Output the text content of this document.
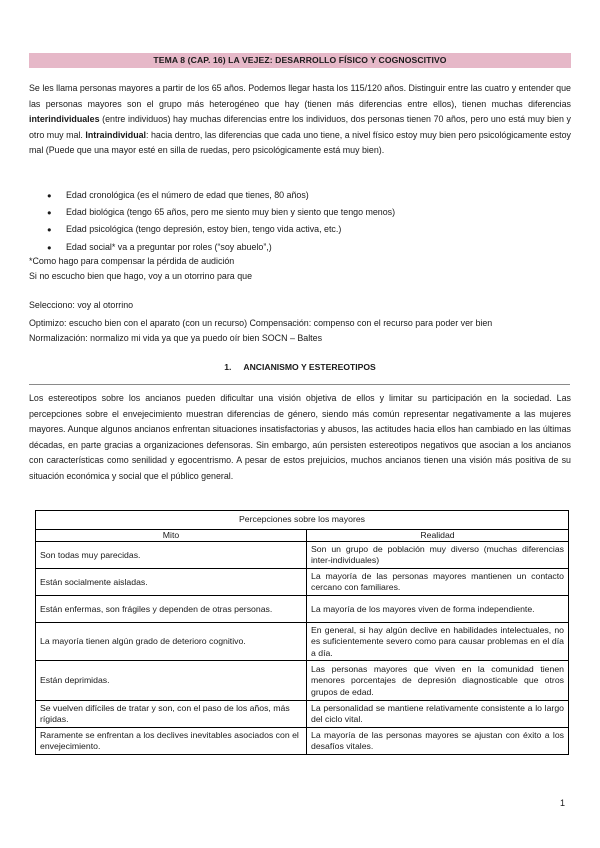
TEMA 8 (CAP. 16) LA VEJEZ: DESARROLLO FÍSICO Y COGNOSCITIVO
Se les llama personas mayores a partir de los 65 años. Podemos llegar hasta los 115/120 años. Distinguir entre las cuatro y entender que las personas mayores son el grupo más heterogéneo que hay (tienen más diferencias entre ellos), tienen muchas diferencias interindividuales (entre individuos) hay muchas diferencias entre los individuos, dos personas tienen 70 años, pero uno está muy bien y otro muy mal. Intraindividual: hacia dentro, las diferencias que cada uno tiene, a nivel físico estoy muy bien pero psicológicamente estoy mal (Puede que una mayor esté en silla de ruedas, pero psicológicamente está muy bien).
● Edad cronológica (es el número de edad que tienes, 80 años)
● Edad biológica (tengo 65 años, pero me siento muy bien y siento que tengo menos)
● Edad psicológica (tengo depresión, estoy bien, tengo vida activa, etc.)
● Edad social* va a preguntar por roles (“soy abuelo”,)
*Como hago para compensar la pérdida de audición
Si no escucho bien que hago, voy a un otorrino para que
Selecciono: voy al otorrino
Optimizo: escucho bien con el aparato (con un recurso) Compensación: compenso con el recurso para poder ver bien
Normalización: normalizo mi vida ya que ya puedo oír bien SOCN – Baltes
1. ANCIANISMO Y ESTEREOTIPOS
Los estereotipos sobre los ancianos pueden dificultar una visión objetiva de ellos y limitar su participación en la sociedad. Las percepciones sobre el envejecimiento muestran diferencias de género, siendo más común representar negativamente a las mujeres mayores. Aunque algunos ancianos enfrentan situaciones insatisfactorias y abusos, las actitudes hacia ellos han cambiado en las últimas décadas, en parte gracias a organizaciones defensoras. Sin embargo, aún persisten estereotipos negativos que asocian a los ancianos con características como senilidad y egocentrismo. A pesar de estos prejuicios, muchos ancianos tienen una visión más positiva de su situación económica y social que el público general.
Percepciones sobre los mayores	
Mito	Realidad
Son todas muy parecidas.	Son un grupo de población muy diverso (muchas diferencias inter-individuales)
Están socialmente aisladas.	La mayoría de las personas mayores mantienen un contacto cercano con familiares.
Están enfermas, son frágiles y dependen de otras personas.	La mayoría de los mayores viven de forma independiente.
La mayoría tienen algún grado de deterioro cognitivo.	En general, si hay algún declive en habilidades intelectuales, no es suficientemente severo como para causar problemas en el día a día.
Están deprimidas.	Las personas mayores que viven en la comunidad tienen menores porcentajes de depresión diagnosticable que otros grupos de edad.
Se vuelven difíciles de tratar y son, con el paso de los años, más rígidas.	La personalidad se mantiene relativamente consistente a lo largo del ciclo vital.
Raramente se enfrentan a los declives inevitables asociados con el envejecimiento.	La mayoría de las personas mayores se ajustan con éxito a los desafíos vitales.
1
